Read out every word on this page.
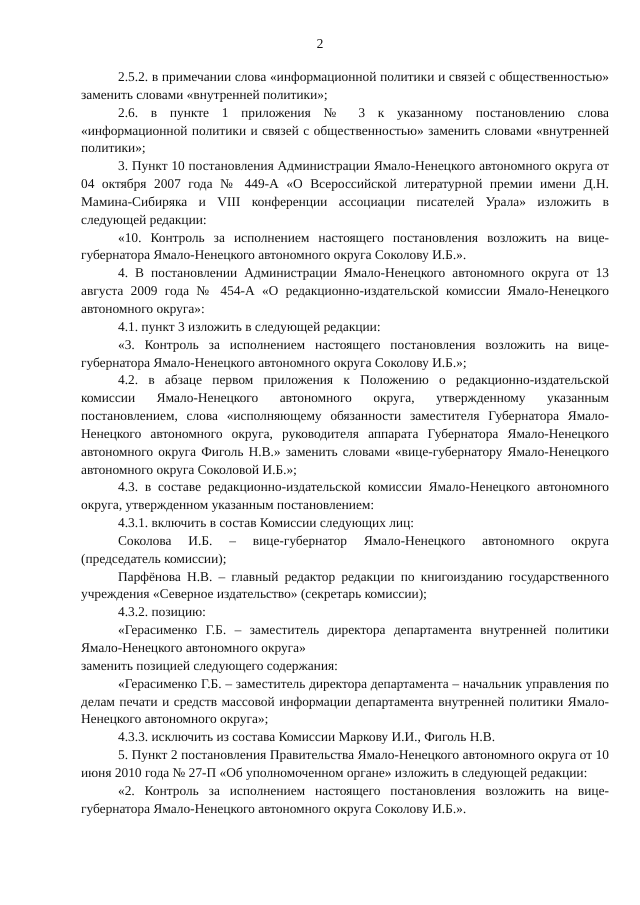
2

2.5.2. в примечании слова «информационной политики и связей с общественностью» заменить словами «внутренней политики»;

2.6. в пункте 1 приложения № 3 к указанному постановлению слова «информационной политики и связей с общественностью» заменить словами «внутренней политики»;

3. Пункт 10 постановления Администрации Ямало-Ненецкого автономного округа от 04 октября 2007 года № 449-А «О Всероссийской литературной премии имени Д.Н. Мамина-Сибиряка и VIII конференции ассоциации писателей Урала» изложить в следующей редакции:

«10. Контроль за исполнением настоящего постановления возложить на вице-губернатора Ямало-Ненецкого автономного округа Соколову И.Б.».

4. В постановлении Администрации Ямало-Ненецкого автономного округа от 13 августа 2009 года № 454-А «О редакционно-издательской комиссии Ямало-Ненецкого автономного округа»:

4.1. пункт 3 изложить в следующей редакции:

«3. Контроль за исполнением настоящего постановления возложить на вице-губернатора Ямало-Ненецкого автономного округа Соколову И.Б.»;

4.2. в абзаце первом приложения к Положению о редакционно-издательской комиссии Ямало-Ненецкого автономного округа, утвержденному указанным постановлением, слова «исполняющему обязанности заместителя Губернатора Ямало-Ненецкого автономного округа, руководителя аппарата Губернатора Ямало-Ненецкого автономного округа Фиголь Н.В.» заменить словами «вице-губернатору Ямало-Ненецкого автономного округа Соколовой И.Б.»;

4.3. в составе редакционно-издательской комиссии Ямало-Ненецкого автономного округа, утвержденном указанным постановлением:

4.3.1. включить в состав Комиссии следующих лиц:

Соколова И.Б. – вице-губернатор Ямало-Ненецкого автономного округа (председатель комиссии);

Парфёнова Н.В. – главный редактор редакции по книгоизданию государственного учреждения «Северное издательство» (секретарь комиссии);

4.3.2. позицию:

«Герасименко Г.Б. – заместитель директора департамента внутренней политики Ямало-Ненецкого автономного округа»

заменить позицией следующего содержания:

«Герасименко Г.Б. – заместитель директора департамента – начальник управления по делам печати и средств массовой информации департамента внутренней политики Ямало-Ненецкого автономного округа»;

4.3.3. исключить из состава Комиссии Маркову И.И., Фиголь Н.В.

5. Пункт 2 постановления Правительства Ямало-Ненецкого автономного округа от 10 июня 2010 года № 27-П «Об уполномоченном органе» изложить в следующей редакции:

«2. Контроль за исполнением настоящего постановления возложить на вице-губернатора Ямало-Ненецкого автономного округа Соколову И.Б.».
